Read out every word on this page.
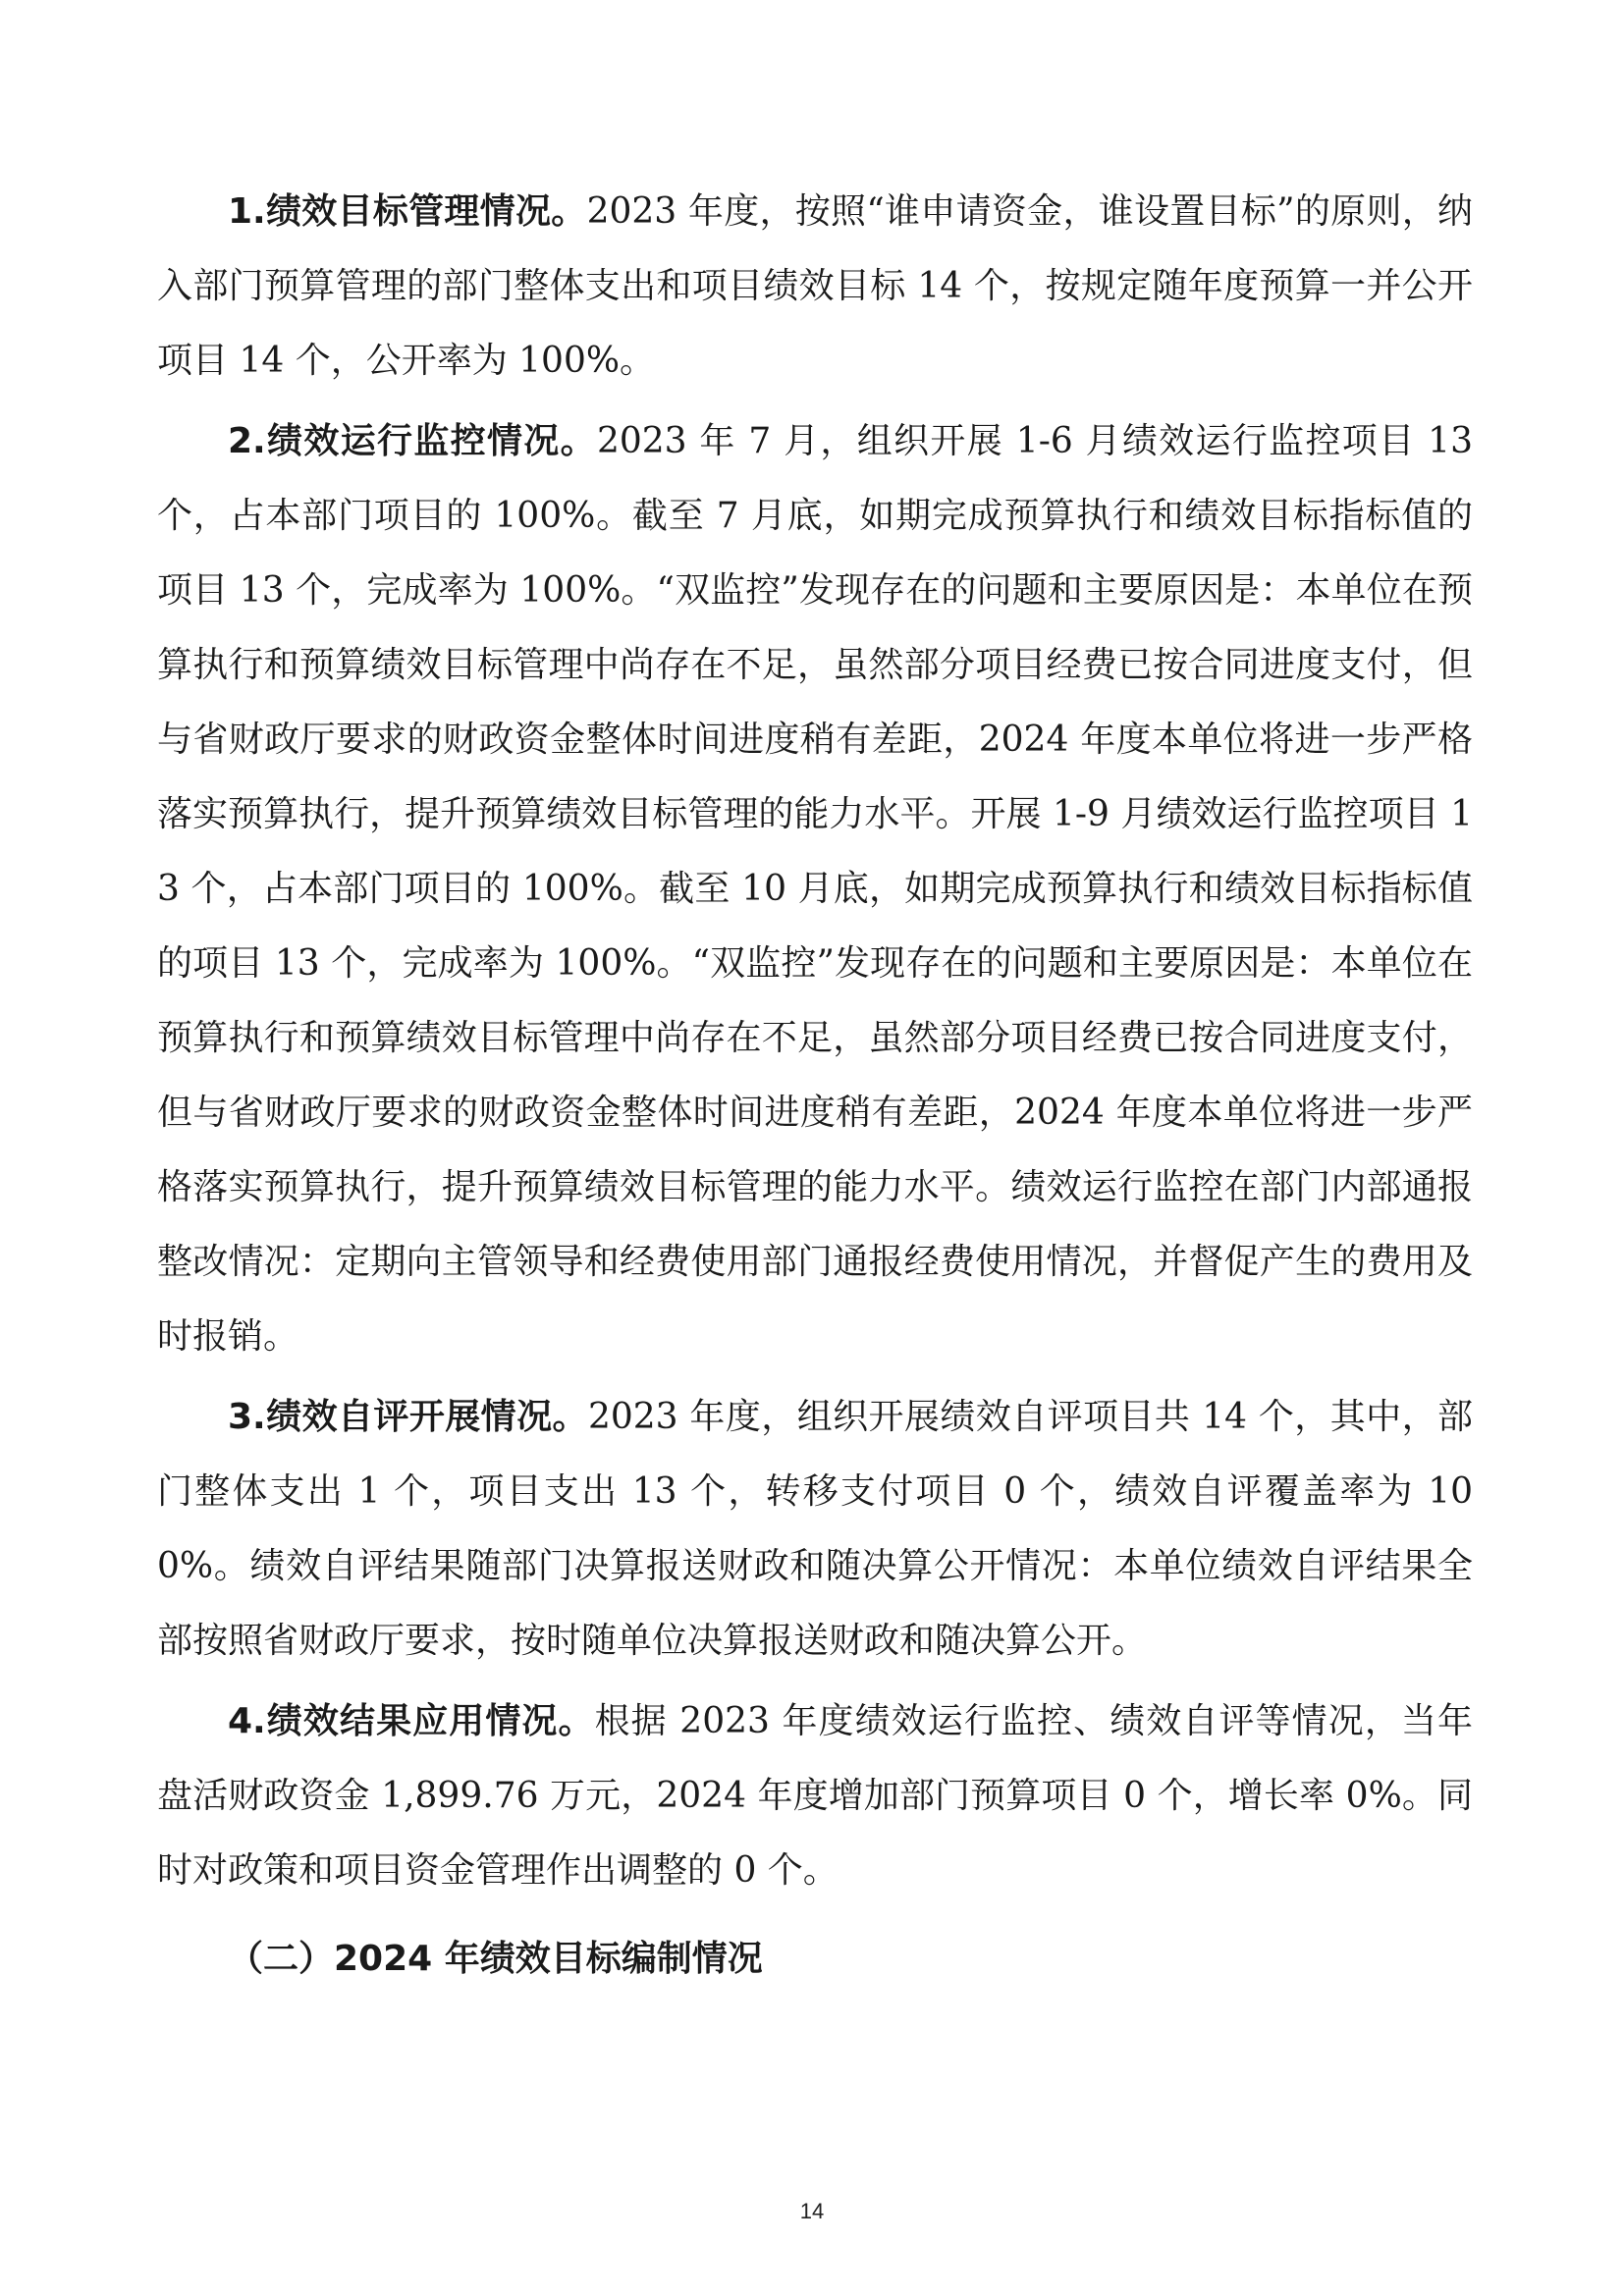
1.绩效目标管理情况。2023 年度，按照“谁申请资金，谁设置目标”的原则，纳入部门预算管理的部门整体支出和项目绩效目标 14 个，按规定随年度预算一并公开项目 14 个，公开率为 100%。

2.绩效运行监控情况。2023 年 7 月，组织开展 1-6 月绩效运行监控项目 13 个，占本部门项目的 100%。截至 7 月底，如期完成预算执行和绩效目标指标值的项目 13 个，完成率为 100%。“双监控”发现存在的问题和主要原因是：本单位在预算执行和预算绩效目标管理中尚存在不足，虽然部分项目经费已按合同进度支付，但与省财政厅要求的财政资金整体时间进度稍有差距，2024 年度本单位将进一步严格落实预算执行，提升预算绩效目标管理的能力水平。开展 1-9 月绩效运行监控项目 13 个，占本部门项目的 100%。截至 10 月底，如期完成预算执行和绩效目标指标值的项目 13 个，完成率为 100%。“双监控”发现存在的问题和主要原因是：本单位在预算执行和预算绩效目标管理中尚存在不足，虽然部分项目经费已按合同进度支付，但与省财政厅要求的财政资金整体时间进度稍有差距，2024 年度本单位将进一步严格落实预算执行，提升预算绩效目标管理的能力水平。绩效运行监控在部门内部通报整改情况：定期向主管领导和经费使用部门通报经费使用情况，并督促产生的费用及时报销。

3.绩效自评开展情况。2023 年度，组织开展绩效自评项目共 14 个，其中，部门整体支出 1 个，项目支出 13 个，转移支付项目 0 个，绩效自评覆盖率为 100%。绩效自评结果随部门决算报送财政和随决算公开情况：本单位绩效自评结果全部按照省财政厅要求，按时随单位决算报送财政和随决算公开。

4.绩效结果应用情况。根据 2023 年度绩效运行监控、绩效自评等情况，当年盘活财政资金 1,899.76 万元，2024 年度增加部门预算项目 0 个，增长率 0%。同时对政策和项目资金管理作出调整的 0 个。

（二）2024 年绩效目标编制情况

14
